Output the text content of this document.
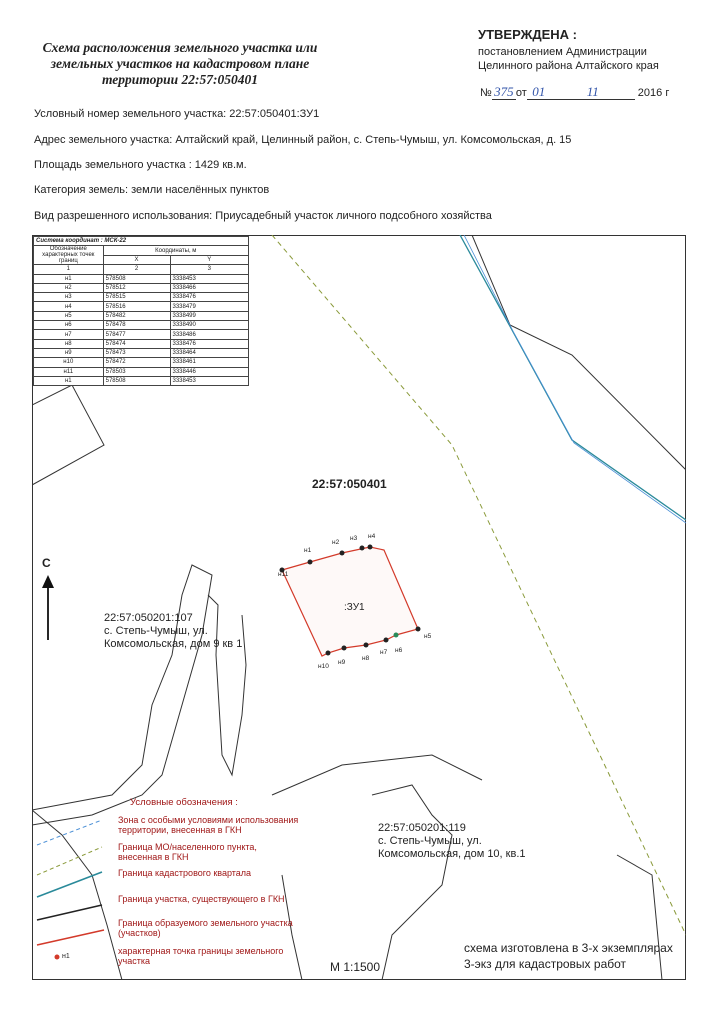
Схема расположения земельного участка или
земельных участков на кадастровом плане
территории 22:57:050401
УТВЕРЖДЕНА :
постановлением Администрации
Целинного района Алтайского края
№ 375 от 01	11	2016 г
Условный номер земельного участка: 22:57:050401:ЗУ1
Адрес земельного участка: Алтайский край, Целинный район, с. Степь-Чумыш, ул. Комсомольская, д. 15
Площадь земельного участка : 1429 кв.м.
Категория земель: земли населённых пунктов
Вид разрешенного использования: Приусадебный участок личного подсобного хозяйства
н1
н2
н3 н4
н5
н6
н7
н8
н9
н10
н11
Система координат : МСК-22		
Обозначение характерных точек границ	Координаты, м	
	X	Y
1	2	3
н1	578508	3338453
н2	578512	3338466
н3	578515	3338476
н4	578516	3338479
н5	578482	3338499
н6	578478	3338490
н7	578477	3338486
н8	578474	3338476
н9	578473	3338464
н10	578472	3338461
н11	578503	3338446
н1	578508	3338453
22:57:050401
:ЗУ1
С
22:57:050201:107
с. Степь-Чумыш, ул.
Комсомольская, дом 9 кв 1
22:57:050201:119
с. Степь-Чумыш, ул.
Комсомольская, дом 10, кв.1
Условные обозначения :
Зона с особыми условиями использования территории, внесенная в ГКН
Граница МО/населенного пункта, внесенная в ГКН
Граница кадастрового квартала
Граница участка, существующего в ГКН
Граница образуемого земельного участка (участков)
характерная точка границы земельного участка
н1
М 1:1500
схема изготовлена в 3-х экземплярах
3-экз для кадастровых работ
